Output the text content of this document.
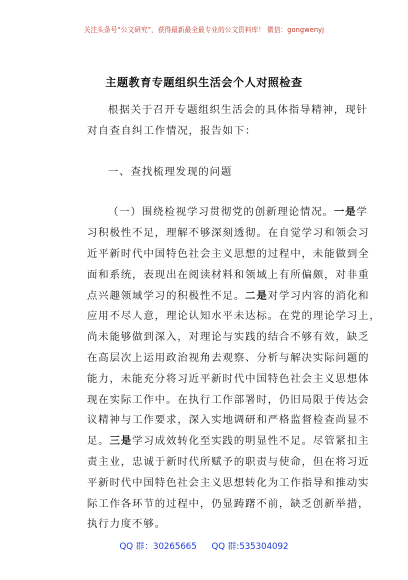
关注头条号“公文研究”，获得最新最全最专业的公文资料库！ 微信：gongwenyj
主题教育专题组织生活会个人对照检查
根据关于召开专题组织生活会的具体指导精神，现针
对自查自纠工作情况，报告如下：
一、查找梳理发现的问题
（一）围绕检视学习贯彻党的创新理论情况。一是学
习积极性不足，理解不够深刻透彻。在自觉学习和领会习
近平新时代中国特色社会主义思想的过程中，未能做到全
面和系统，表现出在阅读材料和领域上有所偏颇，对非重
点兴趣领域学习的积极性不足。二是对学习内容的消化和
应用不尽人意，理论认知水平未达标。在党的理论学习上，
尚未能够做到深入，对理论与实践的结合不够有效，缺乏
在高层次上运用政治视角去观察、分析与解决实际问题的
能力，未能充分将习近平新时代中国特色社会主义思想体
现在实际工作中。在执行工作部署时，仍旧局限于传达会
议精神与工作要求，深入实地调研和严格监督检查尚显不
足。三是学习成效转化至实践的明显性不足。尽管紧扣主
责主业，忠诚于新时代所赋予的职责与使命，但在将习近
平新时代中国特色社会主义思想转化为工作指导和推动实
际工作各环节的过程中，仍显踌躇不前，缺乏创新举措，
执行力度不够。
QQ 群：30265665 QQ 群:535304092
